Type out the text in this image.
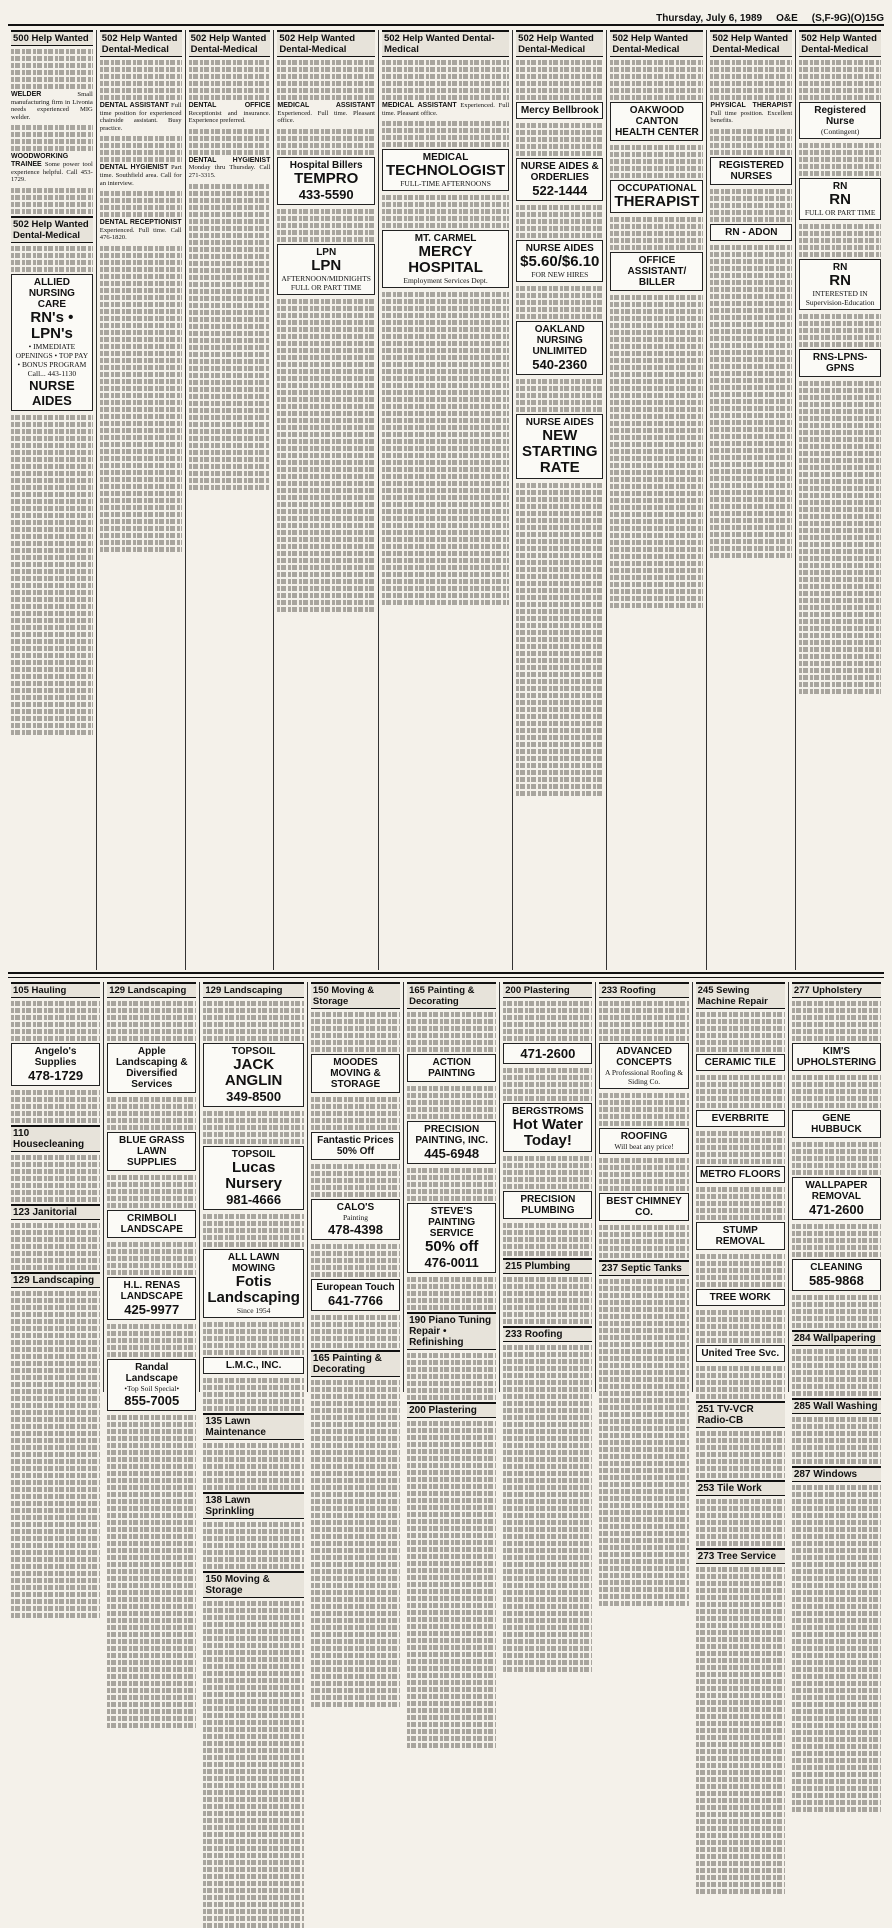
Thursday, July 6, 1989 O&E (S,F-9G)(O)15G
500 Help Wanted
WELDER	Small manufacturing firm in Livonia needs experienced MIG welder.
WOODWORKING TRAINEE Some power tool experience helpful. Call 453-1729.
502 Help Wanted Dental-Medical
ALLIED NURSING CARE
RN's • LPN's
• IMMEDIATE OPENINGS • TOP PAY • BONUS PROGRAM Call... 443-1130
NURSE AIDES
502 Help Wanted Dental-Medical
DENTAL ASSISTANT Full time position for experienced chairside assistant. Busy practice.
DENTAL HYGIENIST Part time. Southfield area. Call for an interview.
DENTAL RECEPTIONIST Experienced. Full time. Call 476-1820.
502 Help Wanted Dental-Medical
DENTAL OFFICE Receptionist and insurance. Experience preferred.
DENTAL HYGIENIST Monday thru Thursday. Call 271-3315.
502 Help Wanted Dental-Medical
MEDICAL ASSISTANT Experienced. Full time. Pleasant office.
Hospital Billers
TEMPRO
433-5590
LPN
LPN
AFTERNOON/MIDNIGHTS FULL OR PART TIME
502 Help Wanted Dental-Medical
MEDICAL ASSISTANT Experienced. Full time. Pleasant office.
MEDICAL
TECHNOLOGIST
FULL-TIME AFTERNOONS
MT. CARMEL
MERCY HOSPITAL
Employment Services Dept.
502 Help Wanted Dental-Medical
Mercy Bellbrook
NURSE AIDES & ORDERLIES
522-1444
NURSE AIDES
$5.60/$6.10
FOR NEW HIRES
OAKLAND NURSING UNLIMITED
540-2360
NURSE AIDES
NEW STARTING RATE
502 Help Wanted Dental-Medical
OAKWOOD CANTON HEALTH CENTER
OCCUPATIONAL
THERAPIST
OFFICE ASSISTANT/ BILLER
502 Help Wanted Dental-Medical
PHYSICAL THERAPIST Full time position. Excellent benefits.
REGISTERED NURSES
RN - ADON
502 Help Wanted Dental-Medical
Registered Nurse
(Contingent)
RN
RN
FULL OR PART TIME
RN
RN
INTERESTED IN Supervision-Education
RNS-LPNS-GPNS
105 Hauling
Angelo's Supplies
478-1729
110 Housecleaning
123 Janitorial
129 Landscaping
129 Landscaping
Apple Landscaping & Diversified Services
BLUE GRASS LAWN SUPPLIES
CRIMBOLI LANDSCAPE
H.L. RENAS LANDSCAPE
425-9977
Randal Landscape
•Top Soil Special•
855-7005
129 Landscaping
TOPSOIL
JACK ANGLIN
349-8500
TOPSOIL
Lucas Nursery
981-4666
ALL LAWN MOWING
Fotis Landscaping
Since 1954
L.M.C., INC.
135 Lawn Maintenance
138 Lawn Sprinkling
150 Moving & Storage
150 Moving & Storage
MOODES MOVING & STORAGE
Fantastic Prices 50% Off
CALO'S
Painting
478-4398
European Touch
641-7766
165 Painting & Decorating
165 Painting & Decorating
ACTION PAINTING
PRECISION PAINTING, INC.
445-6948
STEVE'S PAINTING SERVICE
50% off
476-0011
190 Piano Tuning Repair • Refinishing
200 Plastering
200 Plastering
471-2600
BERGSTROMS
Hot Water Today!
PRECISION PLUMBING
215 Plumbing
233 Roofing
233 Roofing
ADVANCED CONCEPTS
A Professional Roofing & Siding Co.
ROOFING
Will beat any price!
BEST CHIMNEY CO.
237 Septic Tanks
245 Sewing Machine Repair
CERAMIC TILE
EVERBRITE
METRO FLOORS
STUMP REMOVAL
TREE WORK
United Tree Svc.
251 TV-VCR Radio-CB
253 Tile Work
273 Tree Service
277 Upholstery
KIM'S UPHOLSTERING
GENE HUBBUCK
WALLPAPER REMOVAL
471-2600
CLEANING
585-9868
284 Wallpapering
285 Wall Washing
287 Windows
